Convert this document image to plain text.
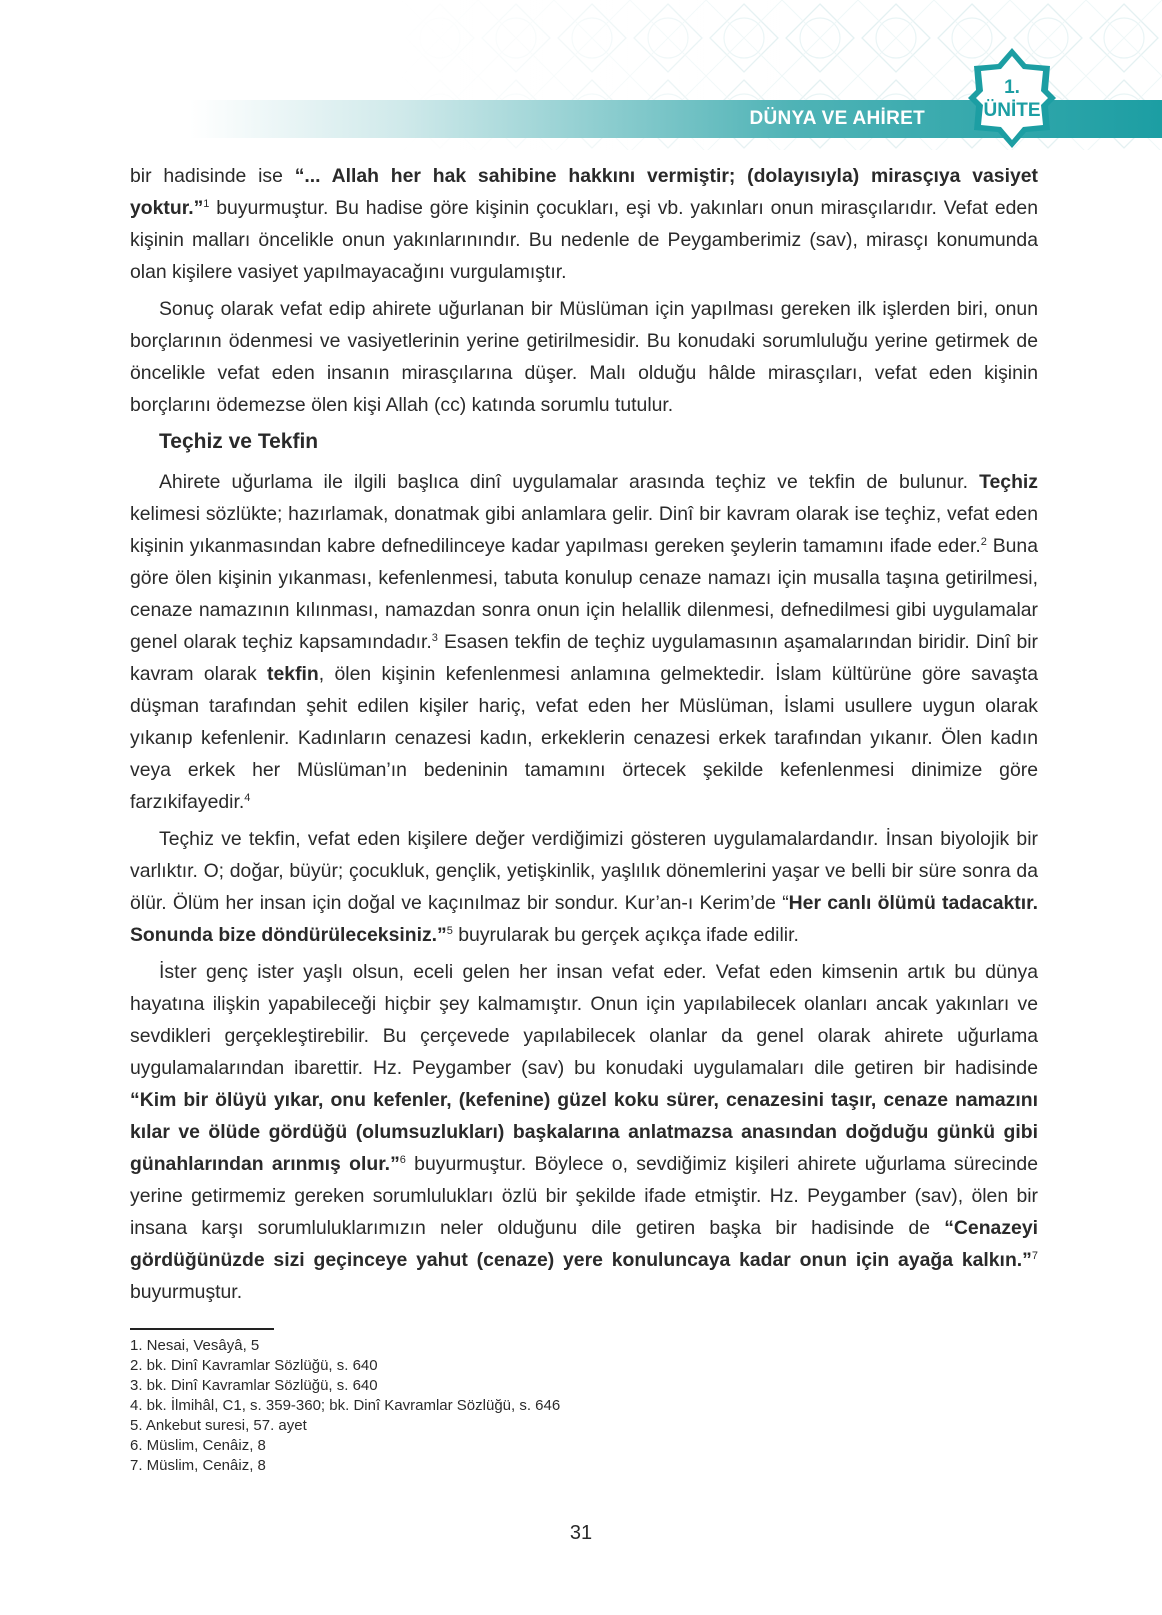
DÜNYA VE AHİRET
1.
ÜNİTE

bir hadisinde ise “... Allah her hak sahibine hakkını vermiştir; (dolayısıyla) mirasçıya vasiyet yoktur.”$^1$ buyurmuştur. Bu hadise göre kişinin çocukları, eşi vb. yakınları onun mirasçılarıdır. Vefat eden kişinin malları öncelikle onun yakınlarınındır. Bu nedenle de Peygamberimiz (sav), mirasçı konumunda olan kişilere vasiyet yapılmayacağını vurgulamıştır.

Sonuç olarak vefat edip ahirete uğurlanan bir Müslüman için yapılması gereken ilk işlerden biri, onun borçlarının ödenmesi ve vasiyetlerinin yerine getirilmesidir. Bu konudaki sorumluluğu yerine getirmek de öncelikle vefat eden insanın mirasçılarına düşer. Malı olduğu hâlde mirasçıları, vefat eden kişinin borçlarını ödemezse ölen kişi Allah (cc) katında sorumlu tutulur.

Teçhiz ve Tekfin

Ahirete uğurlama ile ilgili başlıca dinî uygulamalar arasında teçhiz ve tekfin de bulunur. Teçhiz kelimesi sözlükte; hazırlamak, donatmak gibi anlamlara gelir. Dinî bir kavram olarak ise teçhiz, vefat eden kişinin yıkanmasından kabre defnedilinceye kadar yapılması gereken şeylerin tamamını ifade eder.$^2$ Buna göre ölen kişinin yıkanması, kefenlenmesi, tabuta konulup cenaze namazı için musalla taşına getirilmesi, cenaze namazının kılınması, namazdan sonra onun için helallik dilenmesi, defnedilmesi gibi uygulamalar genel olarak teçhiz kapsamındadır.$^3$ Esasen tekfin de teçhiz uygulamasının aşamalarından biridir. Dinî bir kavram olarak tekfin, ölen kişinin kefenlenmesi anlamına gelmektedir. İslam kültürüne göre savaşta düşman tarafından şehit edilen kişiler hariç, vefat eden her Müslüman, İslami usullere uygun olarak yıkanıp kefenlenir. Kadınların cenazesi kadın, erkeklerin cenazesi erkek tarafından yıkanır. Ölen kadın veya erkek her Müslüman’ın bedeninin tamamını örtecek şekilde kefenlenmesi dinimize göre farzıkifayedir.$^4$

Teçhiz ve tekfin, vefat eden kişilere değer verdiğimizi gösteren uygulamalardandır. İnsan biyolojik bir varlıktır. O; doğar, büyür; çocukluk, gençlik, yetişkinlik, yaşlılık dönemlerini yaşar ve belli bir süre sonra da ölür. Ölüm her insan için doğal ve kaçınılmaz bir sondur. Kur’an-ı Kerim’de “Her canlı ölümü tadacaktır. Sonunda bize döndürüleceksiniz.”$^5$ buyrularak bu gerçek açıkça ifade edilir.

İster genç ister yaşlı olsun, eceli gelen her insan vefat eder. Vefat eden kimsenin artık bu dünya hayatına ilişkin yapabileceği hiçbir şey kalmamıştır. Onun için yapılabilecek olanları ancak yakınları ve sevdikleri gerçekleştirebilir. Bu çerçevede yapılabilecek olanlar da genel olarak ahirete uğurlama uygulamalarından ibarettir. Hz. Peygamber (sav) bu konudaki uygulamaları dile getiren bir hadisinde “Kim bir ölüyü yıkar, onu kefenler, (kefenine) güzel koku sürer, cenazesini taşır, cenaze namazını kılar ve ölüde gördüğü (olumsuzlukları) başkalarına anlatmazsa anasından doğduğu günkü gibi günahlarından arınmış olur.”$^6$ buyurmuştur. Böylece o, sevdiğimiz kişileri ahirete uğurlama sürecinde yerine getirmemiz gereken sorumlulukları özlü bir şekilde ifade etmiştir. Hz. Peygamber (sav), ölen bir insana karşı sorumluluklarımızın neler olduğunu dile getiren başka bir hadisinde de “Cenazeyi gördüğünüzde sizi geçinceye yahut (cenaze) yere konuluncaya kadar onun için ayağa kalkın.”$^7$ buyurmuştur.

1. Nesai, Vesâyâ, 5
2. bk. Dinî Kavramlar Sözlüğü, s. 640
3. bk. Dinî Kavramlar Sözlüğü, s. 640
4. bk. İlmihâl, C1, s. 359-360; bk. Dinî Kavramlar Sözlüğü, s. 646
5. Ankebut suresi, 57. ayet
6. Müslim, Cenâiz, 8
7. Müslim, Cenâiz, 8
31
